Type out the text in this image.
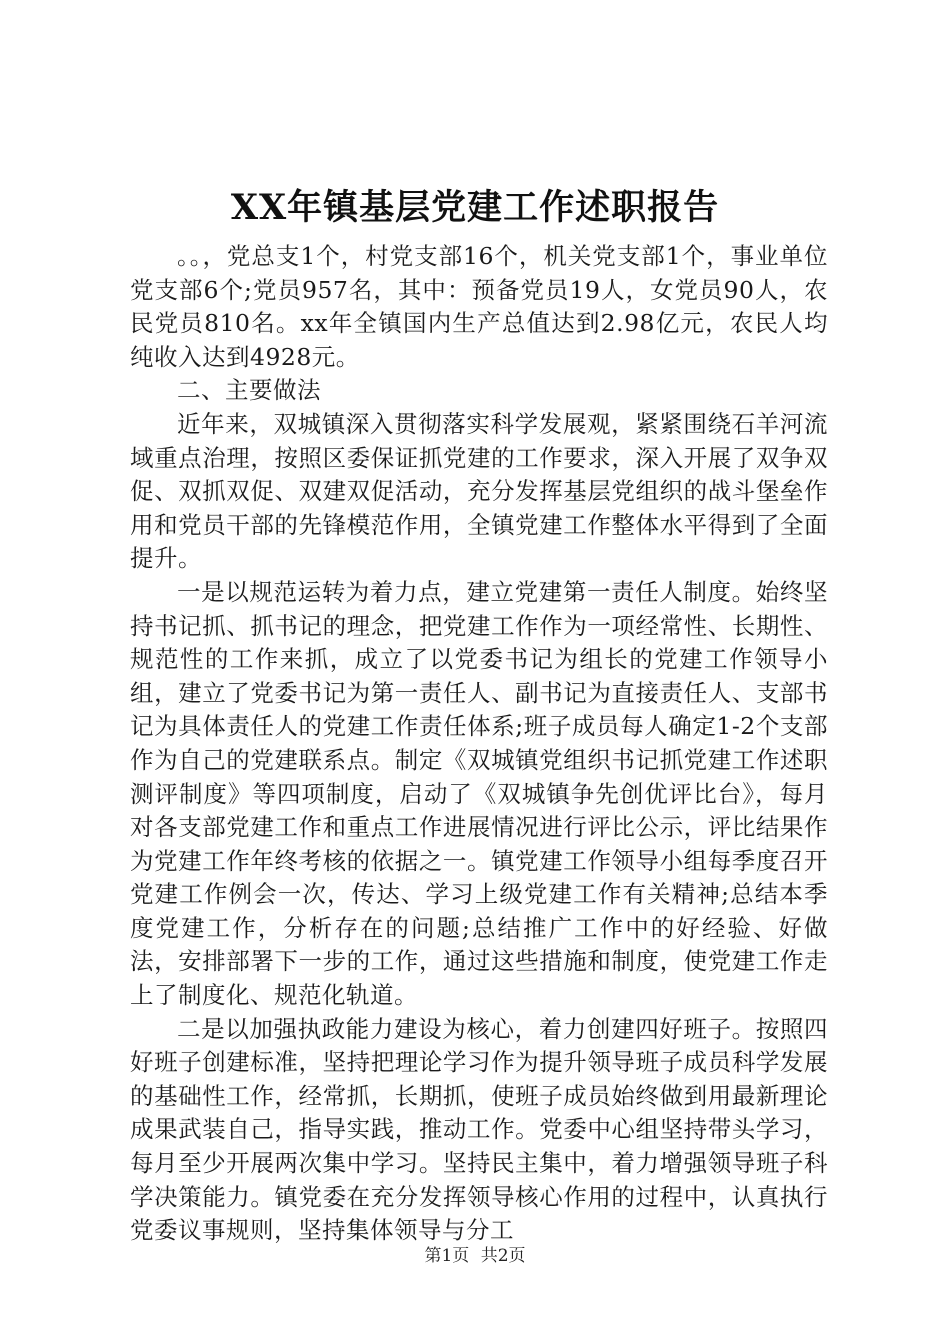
XX年镇基层党建工作述职报告

。。，党总支1个，村党支部16个，机关党支部1个，事业单位党支部6个;党员957名，其中：预备党员19人，女党员90人，农民党员810名。xx年全镇国内生产总值达到2.98亿元，农民人均纯收入达到4928元。

二、主要做法

近年来，双城镇深入贯彻落实科学发展观，紧紧围绕石羊河流域重点治理，按照区委保证抓党建的工作要求，深入开展了双争双促、双抓双促、双建双促活动，充分发挥基层党组织的战斗堡垒作用和党员干部的先锋模范作用，全镇党建工作整体水平得到了全面提升。

一是以规范运转为着力点，建立党建第一责任人制度。始终坚持书记抓、抓书记的理念，把党建工作作为一项经常性、长期性、规范性的工作来抓，成立了以党委书记为组长的党建工作领导小组，建立了党委书记为第一责任人、副书记为直接责任人、支部书记为具体责任人的党建工作责任体系;班子成员每人确定1-2个支部作为自己的党建联系点。制定《双城镇党组织书记抓党建工作述职测评制度》等四项制度，启动了《双城镇争先创优评比台》，每月对各支部党建工作和重点工作进展情况进行评比公示，评比结果作为党建工作年终考核的依据之一。镇党建工作领导小组每季度召开党建工作例会一次，传达、学习上级党建工作有关精神;总结本季度党建工作，分析存在的问题;总结推广工作中的好经验、好做法，安排部署下一步的工作，通过这些措施和制度，使党建工作走上了制度化、规范化轨道。

二是以加强执政能力建设为核心，着力创建四好班子。按照四好班子创建标准，坚持把理论学习作为提升领导班子成员科学发展的基础性工作，经常抓，长期抓，使班子成员始终做到用最新理论成果武装自己，指导实践，推动工作。党委中心组坚持带头学习，每月至少开展两次集中学习。坚持民主集中，着力增强领导班子科学决策能力。镇党委在充分发挥领导核心作用的过程中，认真执行党委议事规则，坚持集体领导与分工

第1页 共2页
